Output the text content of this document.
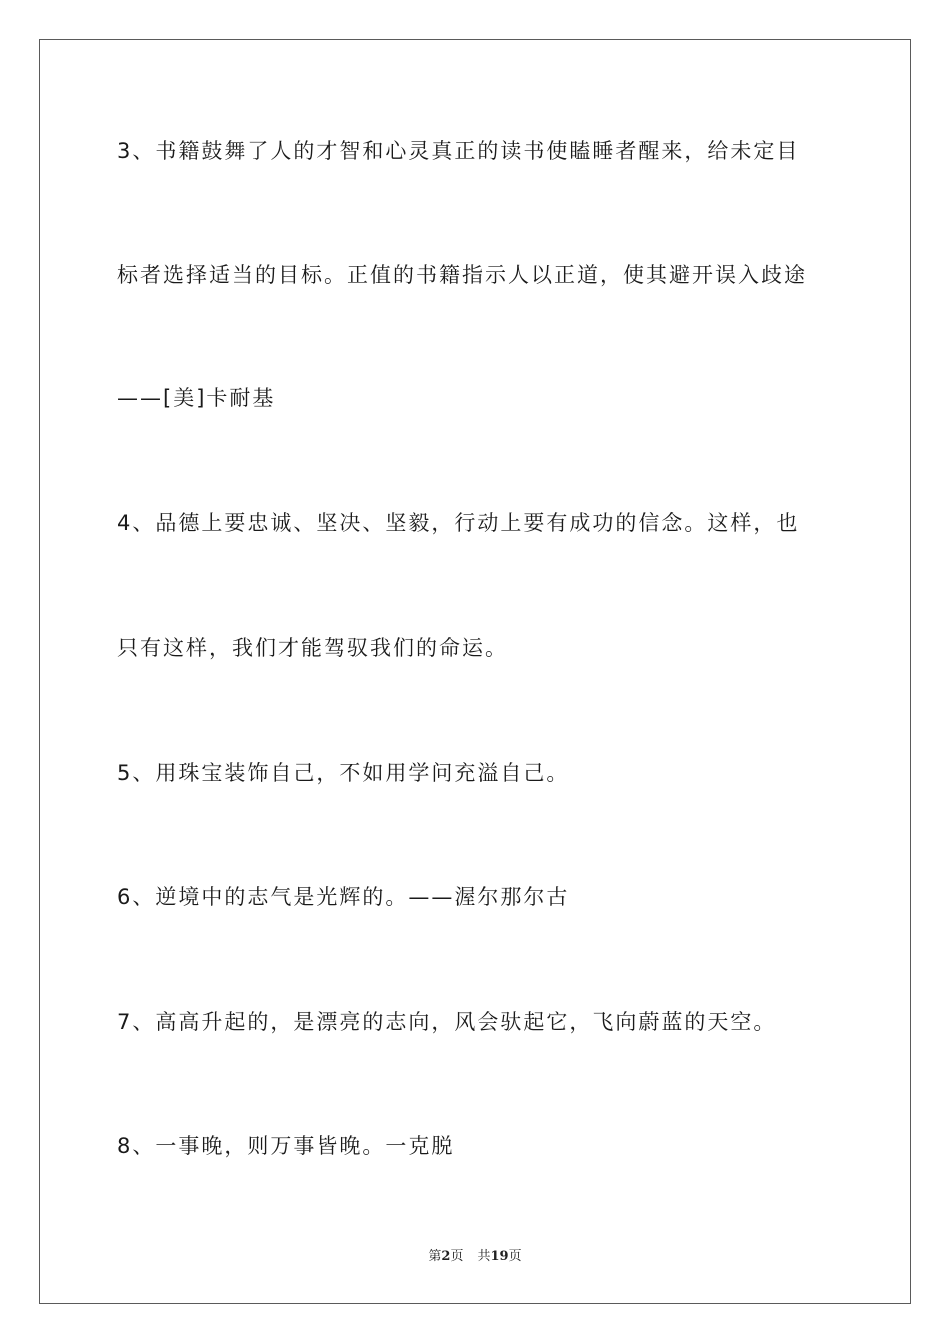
3、书籍鼓舞了人的才智和心灵真正的读书使瞌睡者醒来，给未定目

标者选择适当的目标。正值的书籍指示人以正道，使其避开误入歧途

——[美]卡耐基

4、品德上要忠诚、坚决、坚毅，行动上要有成功的信念。这样，也

只有这样，我们才能驾驭我们的命运。

5、用珠宝装饰自己，不如用学问充溢自己。

6、逆境中的志气是光辉的。——渥尔那尔古

7、高高升起的，是漂亮的志向，风会驮起它，飞向蔚蓝的天空。

8、一事晚，则万事皆晚。一克脱

第2页 共19页
